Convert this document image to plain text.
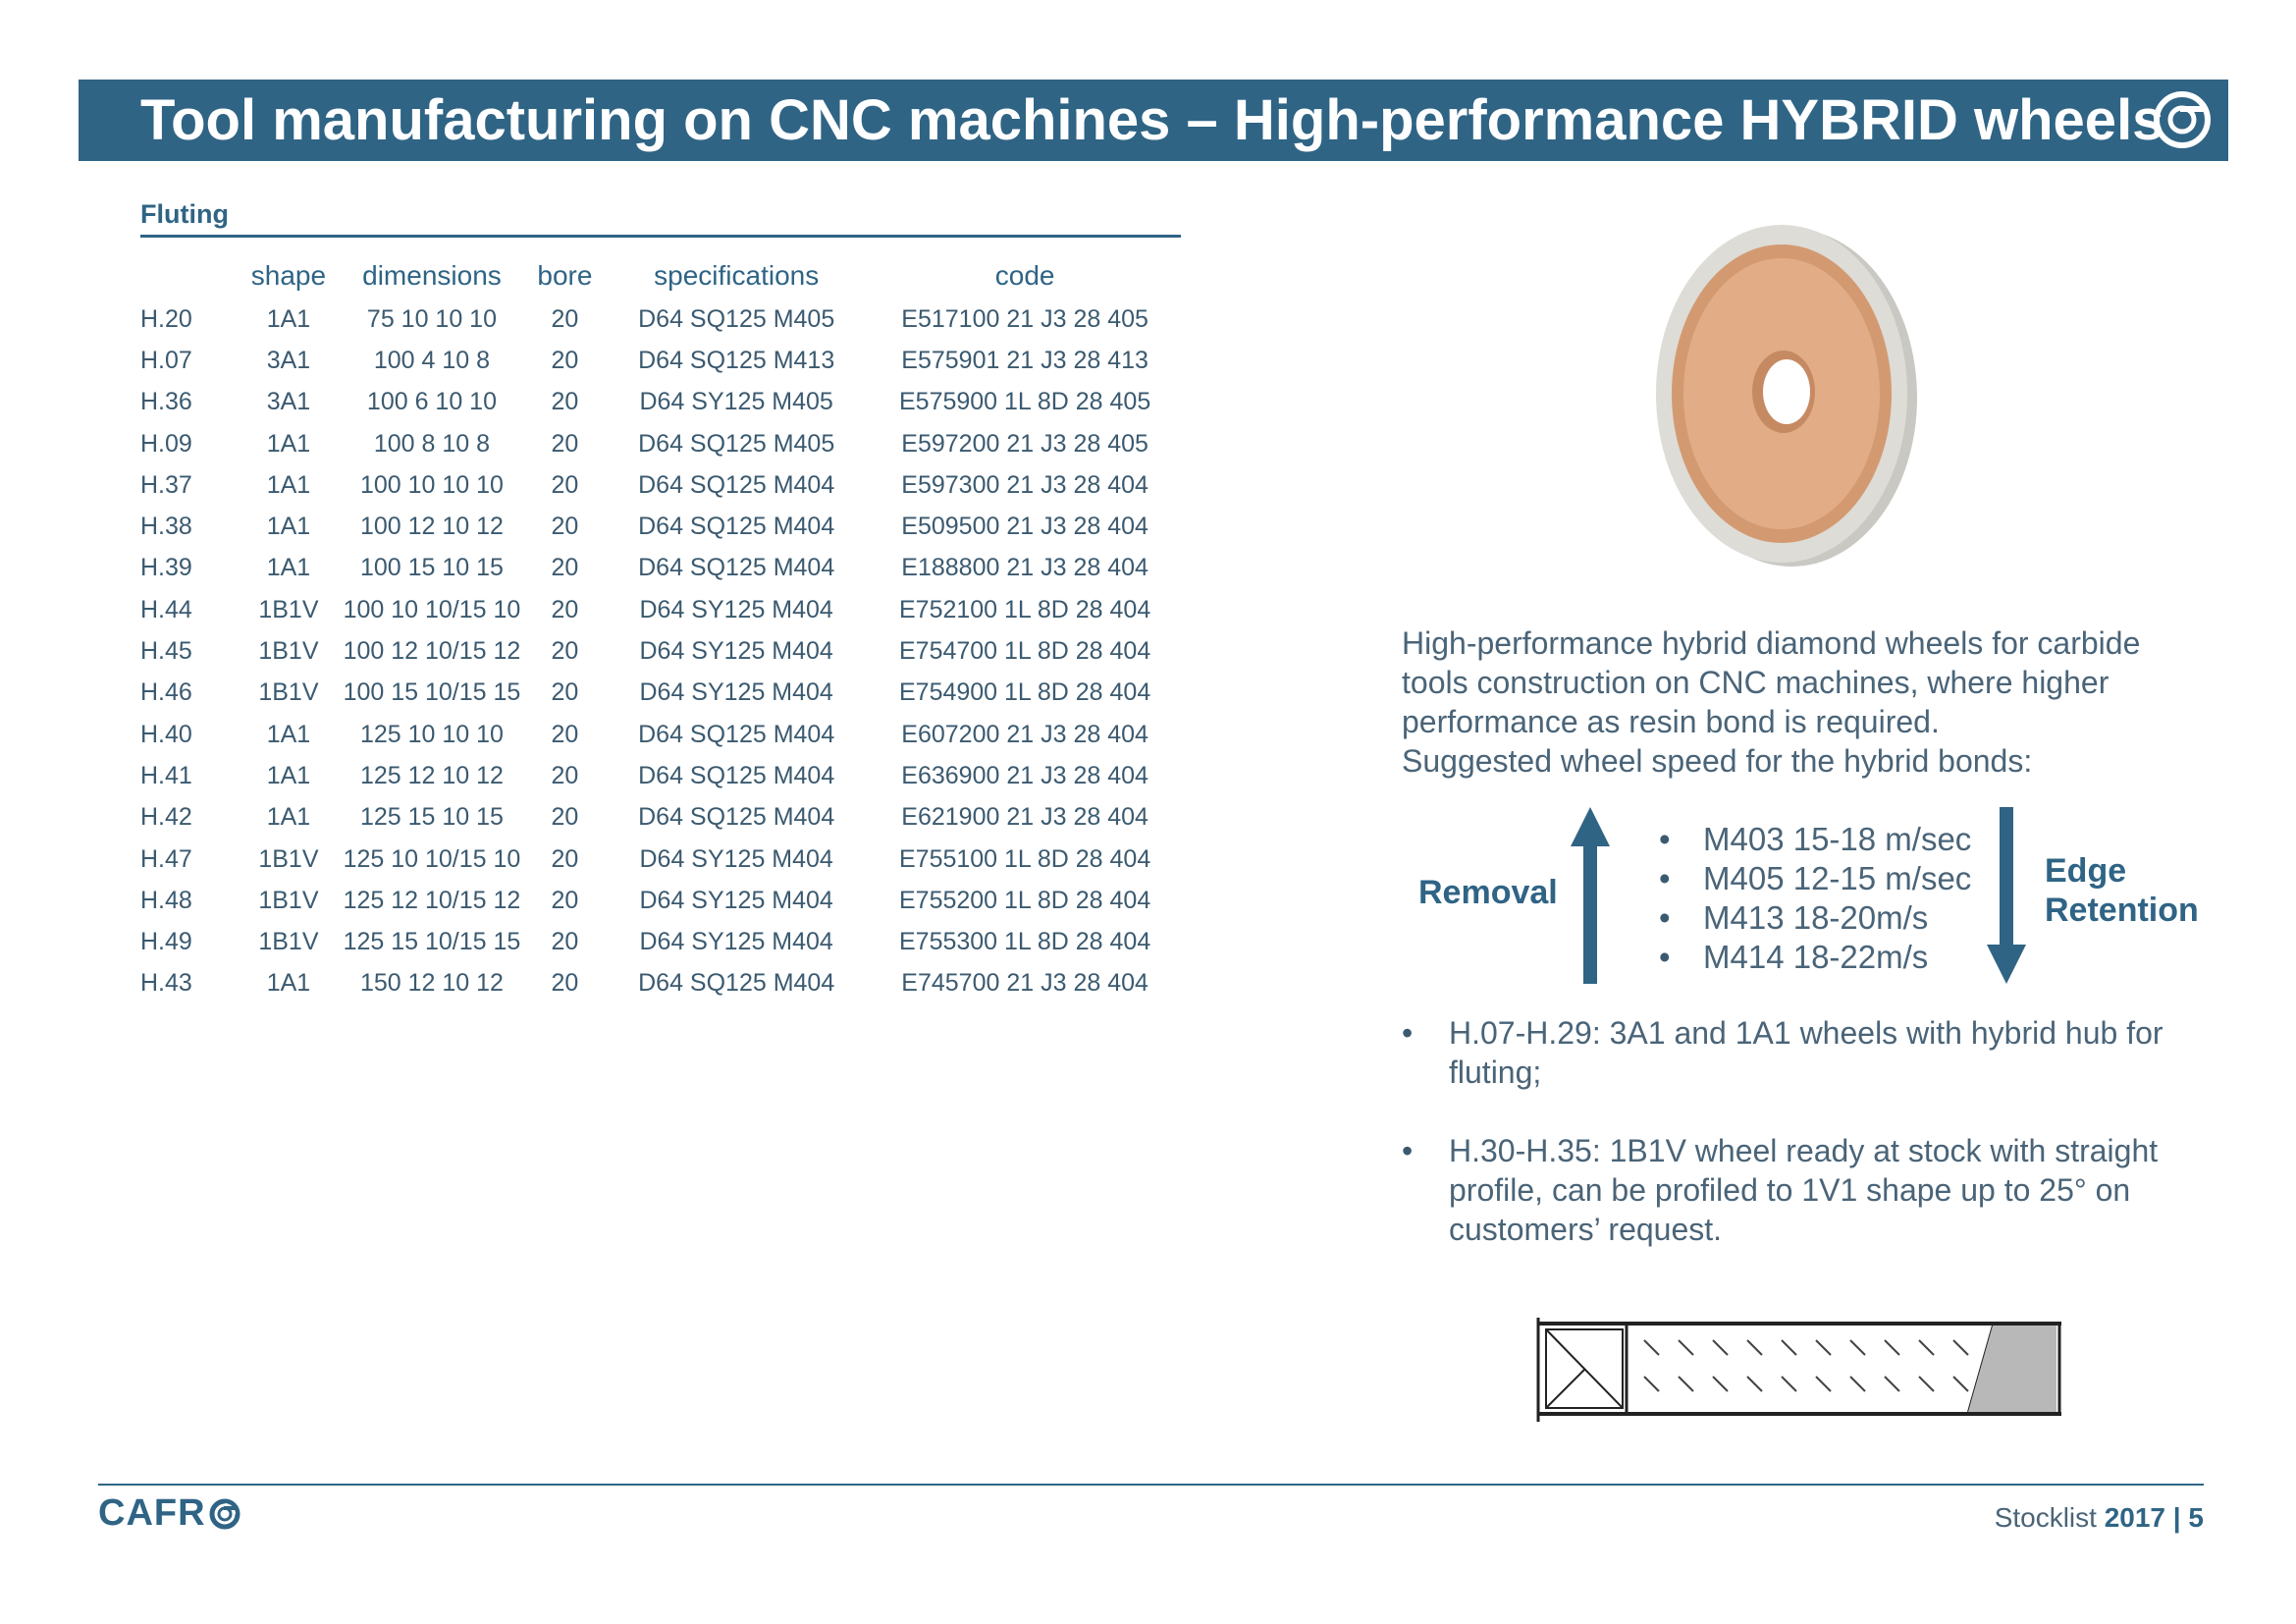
Tool manufacturing on CNC machines – High-performance HYBRID wheels
Fluting
	shape	dimensions	bore	specifications	code
H.20	1A1	75 10 10 10	20	D64 SQ125 M405	E517100 21 J3 28 405
H.07	3A1	100 4 10 8	20	D64 SQ125 M413	E575901 21 J3 28 413
H.36	3A1	100 6 10 10	20	D64 SY125 M405	E575900 1L 8D 28 405
H.09	1A1	100 8 10 8	20	D64 SQ125 M405	E597200 21 J3 28 405
H.37	1A1	100 10 10 10	20	D64 SQ125 M404	E597300 21 J3 28 404
H.38	1A1	100 12 10 12	20	D64 SQ125 M404	E509500 21 J3 28 404
H.39	1A1	100 15 10 15	20	D64 SQ125 M404	E188800 21 J3 28 404
H.44	1B1V	100 10 10/15 10	20	D64 SY125 M404	E752100 1L 8D 28 404
H.45	1B1V	100 12 10/15 12	20	D64 SY125 M404	E754700 1L 8D 28 404
H.46	1B1V	100 15 10/15 15	20	D64 SY125 M404	E754900 1L 8D 28 404
H.40	1A1	125 10 10 10	20	D64 SQ125 M404	E607200 21 J3 28 404
H.41	1A1	125 12 10 12	20	D64 SQ125 M404	E636900 21 J3 28 404
H.42	1A1	125 15 10 15	20	D64 SQ125 M404	E621900 21 J3 28 404
H.47	1B1V	125 10 10/15 10	20	D64 SY125 M404	E755100 1L 8D 28 404
H.48	1B1V	125 12 10/15 12	20	D64 SY125 M404	E755200 1L 8D 28 404
H.49	1B1V	125 15 10/15 15	20	D64 SY125 M404	E755300 1L 8D 28 404
H.43	1A1	150 12 10 12	20	D64 SQ125 M404	E745700 21 J3 28 404

High-performance hybrid diamond wheels for carbide

tools construction on CNC machines, where higher

performance as resin bond is required.

Suggested wheel speed for the hybrid bonds:

Removal
• M403 15-18 m/sec
• M405 12-15 m/sec
• M413 18-20m/s
• M414 18-22m/s
Edge
Retention
• H.07-H.29: 3A1 and 1A1 wheels with hybrid hub for fluting;
• H.30-H.35: 1B1V wheel ready at stock with straight profile, can be profiled to 1V1 shape up to 25° on customers’ request.
CAFR	Stocklist 2017 | 5
